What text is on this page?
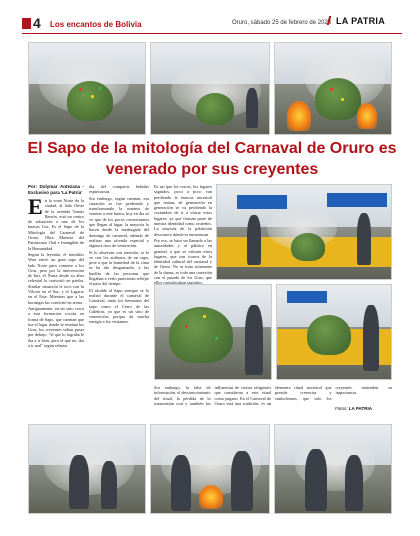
4 Los encantos de Bolivia	Oruro, sábado 25 de febrero de 2023 LA PATRIA
El Sapo de la mitología del Carnaval de Oruro es venerado por sus creyentes
Por: Dolymar Antezana - Exclusivo para 'La Patria'
E n la zona Norte de la ciudad, al lado Oeste de la avenida Tomás Barrón, está un centro de adoración a uno de los huacas Ura. Es el Sapo de la Mitología del Carnaval de Oruro, Obra Maestra del Patrimonio Oral e Intangible de la Humanidad.

Según la leyenda, el semidiós Wari envió un gran sapo del lado Norte para comerse a los Urus, pero por la intervención de Inti, el Ñusta desde su altar celestial lo convirtió en piedra. Similar situación le tocó con la Víbora en el Sur, y el Lagarto en el Este. Mientras que a las hormigas las convirtió en arena.

Antiguamente, en un sitio cerca a esta formación rocosa en forma de Sapo, que cuentan que fue el lugar donde se reunían los Urus, los creyentes solían pasar por debajo, "el que lo lograba le iba a ir bien, pero el que no, iba a ir mal" según relatan.

dia del compartir bebidas espirituosas.

Sin embargo, según cuentan, esa situación se fue perdiendo y transformando la manera de venerar a este huaca, hoy en día se ve que de los pocos comerciantes que llegan al lugar, la mayoría lo hacen desde la madrugada del domingo de carnaval, además de realizar una ofrenda especial y algunos ritos de veneración.

Si lo observan con atención, se le ve con los atributos de un sapo, pese a que la humedad de la cima se ha ido desgastando, y las huellas de las personas que llegaban a verlo parecieran reflejar el paso del tiempo.

El alcalde al Sapo siempre se lo realizó durante el carnaval de Carnaval, tanto los hermanos del sapo como el Cerro de las Culebras, ya que es un sitio de veneración, porque da mucha energía a los visitantes.

Es así que los cerros, los lugares sagrados, poco a poco van perdiendo la esencia ancestral que tenían, de generación en generación se va perdiendo la costumbre de ir a visitar estos lugares, ya que forman parte de nuestra identidad como orureños. La mayoría de la población desconoce dónde se encuentran.

Por eso, se hace un llamado a las autoridades y al público en general, a que se valoren estos lugares, que son íconos de la identidad cultural del carnaval y de Oruro. No se trata solamente de la danza, es toda una conexión con el pasado de los Urus, que ellos consideraban sagrados.

Sin embargo, la falta de información, el desconocimiento del ritual, la pérdida de la transmisión oral y también las influencias de ciertas religiones que consideran a este ritual como pagano. En el Carnaval de Oruro está una tradición, es un elemento ritual ancestral que preside creencias y simbolismos, que solo los creyentes entienden su importancia.

Fotos: LA PATRIA
